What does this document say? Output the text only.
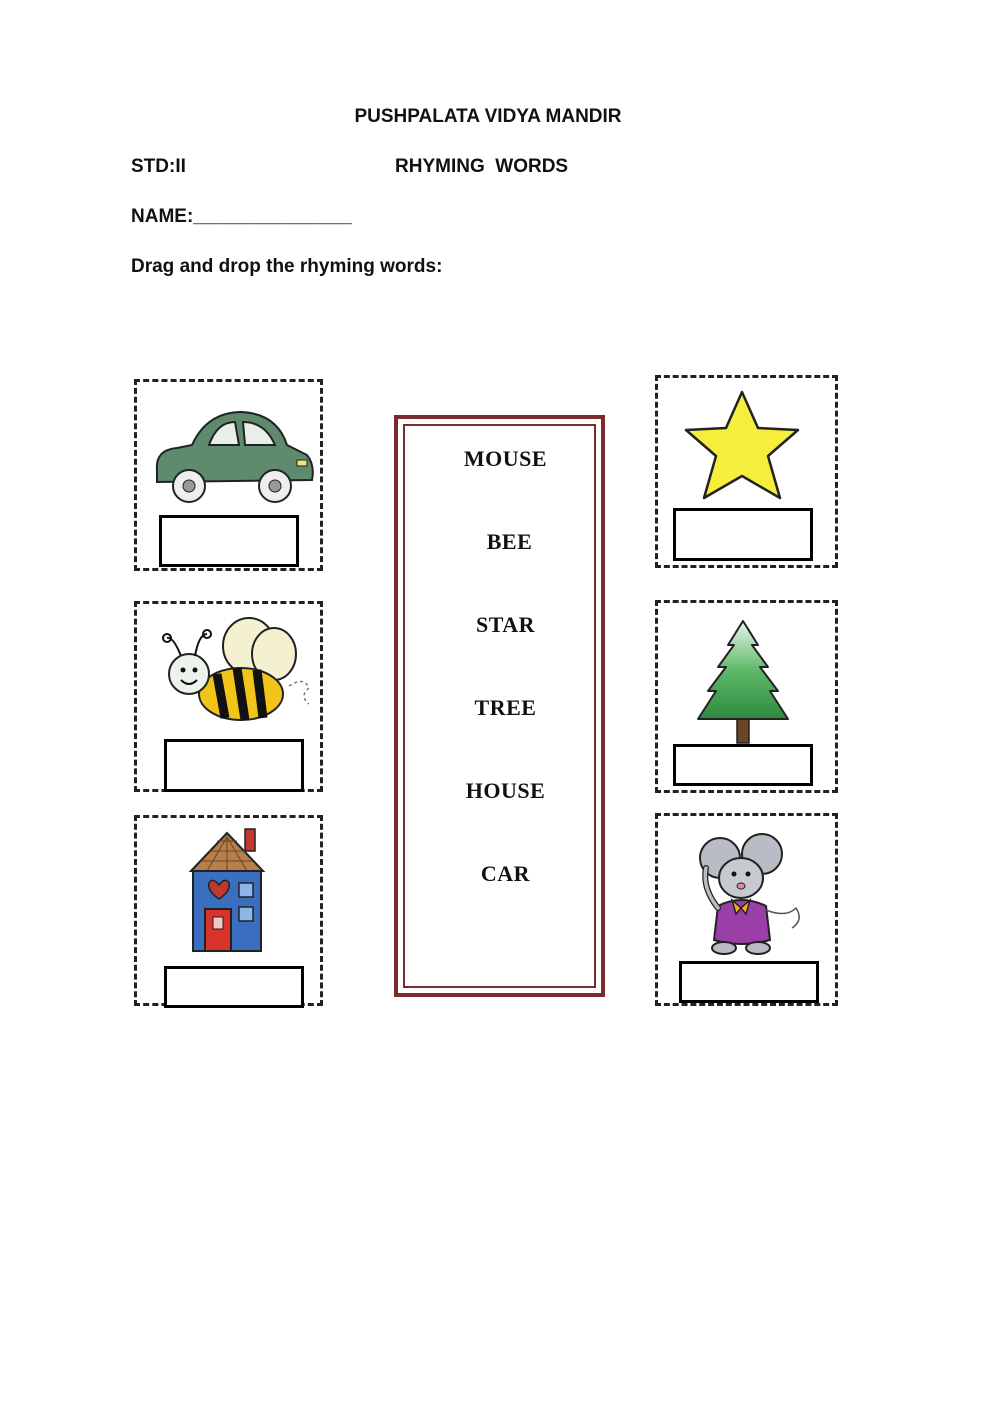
PUSHPALATA VIDYA MANDIR
STD:II	RHYMING  WORDS
NAME:_______________
Drag and drop the rhyming words:
MOUSE
BEE
STAR
TREE
HOUSE
CAR
